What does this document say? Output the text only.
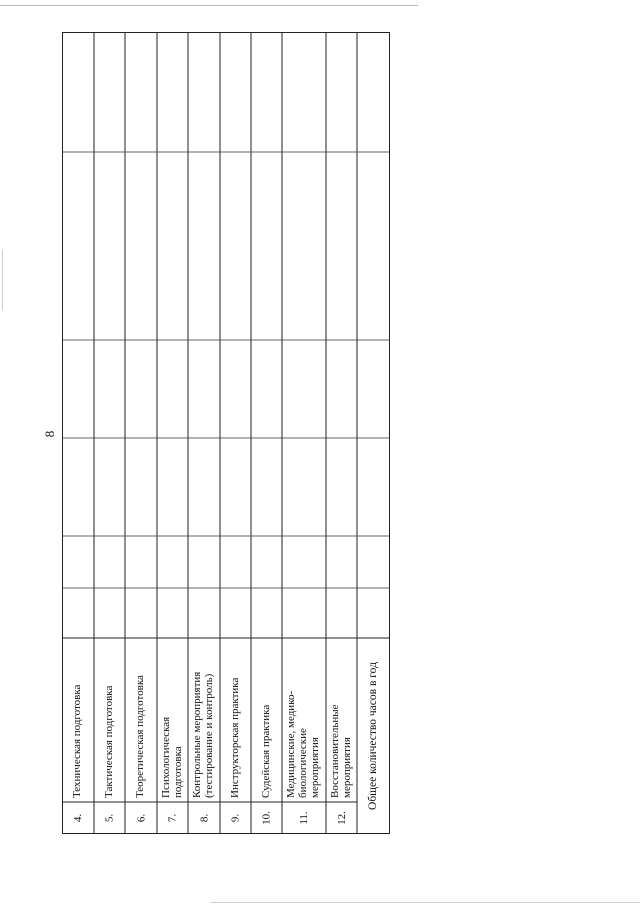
8
4. 5. 6. 7. 8. 9. 10. 11. 12.
Техническая подготовка Тактическая подготовка Теоретическая подготовка Психологическая
подготовка Контрольные мероприятия
(тестирование и контроль) Инструкторская практика Судейская практика Медицинские, медико-
биологические
мероприятия Восстановительные
мероприятия Общее количество часов в год
